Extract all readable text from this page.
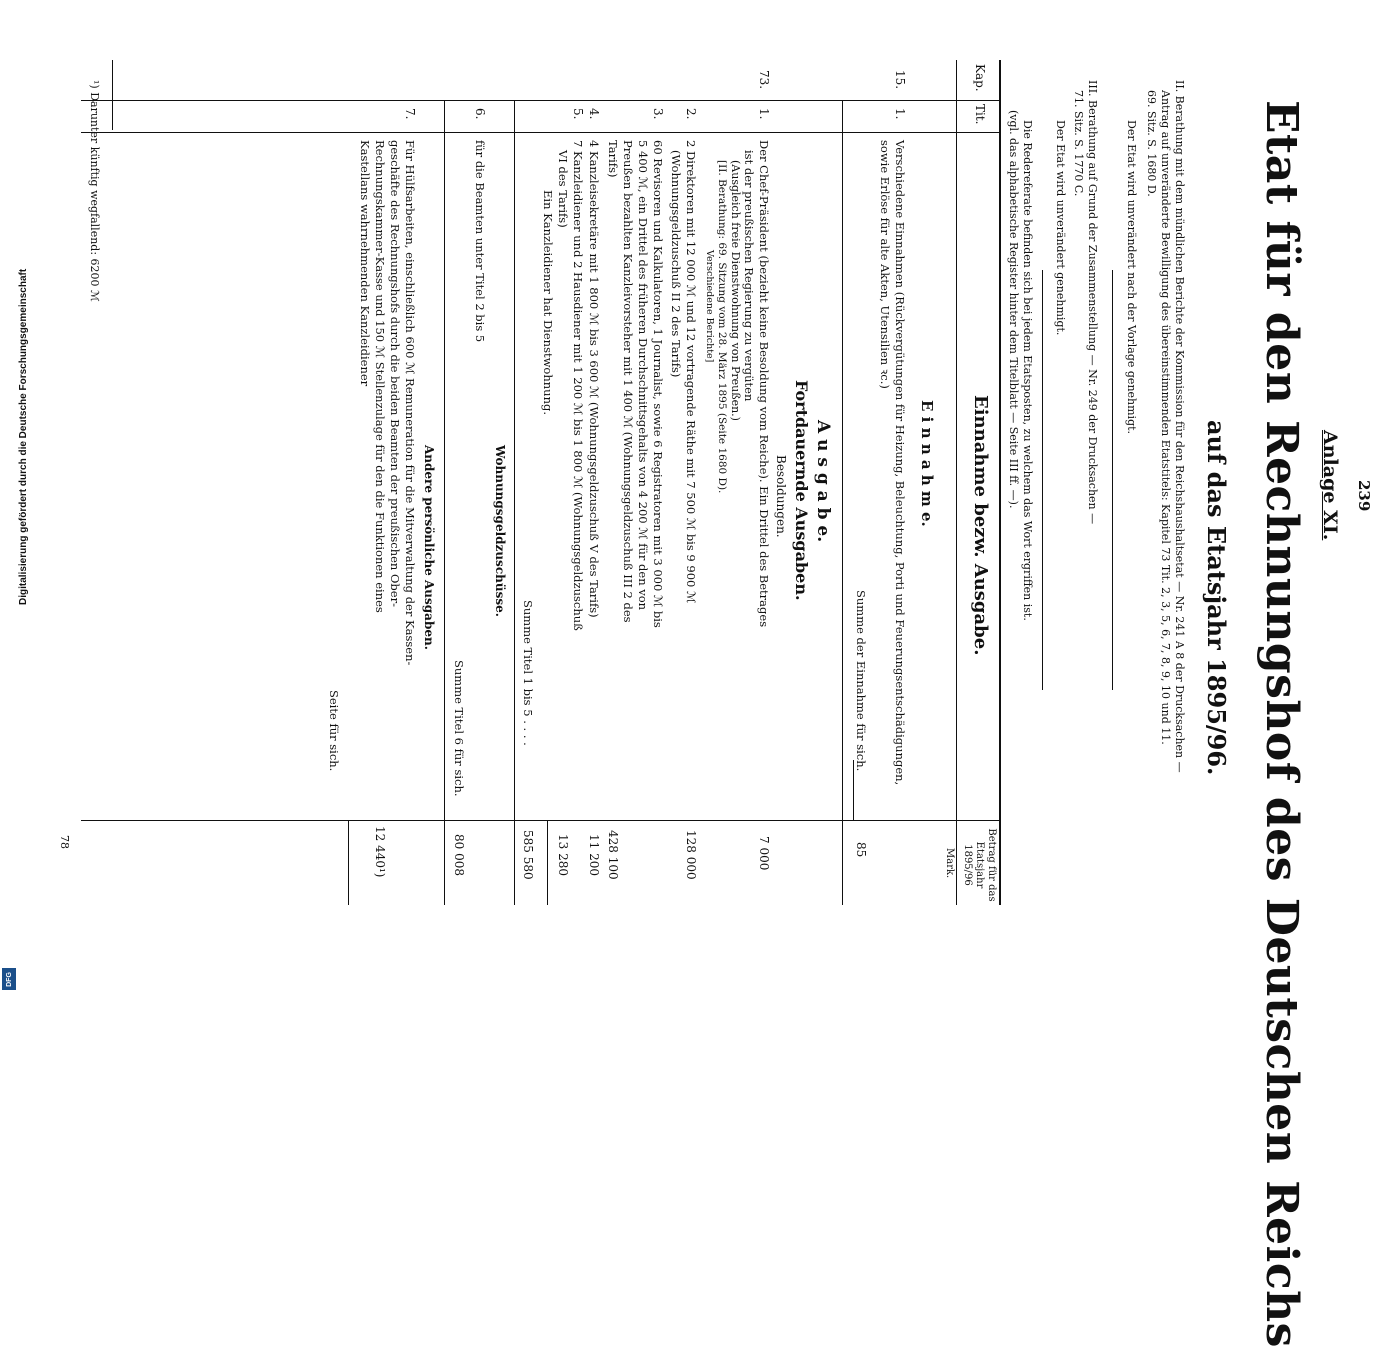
239
Anlage XI.
Etat für den Rechnungshof des Deutschen Reichs
auf das Etatsjahr 1895/96.
II. Berathung mit dem mündlichen Berichte der Kommission für den Reichshaushaltsetat — Nr. 241 A 8 der Drucksachen —
Antrag auf unveränderte Bewilligung des übereinstimmenden Etatstitels: Kapitel 73 Tit. 2, 3, 5, 6, 7, 8, 9, 10 und 11.
69. Sitz. S. 1680 D.
Der Etat wird unverändert nach der Vorlage genehmigt.
III. Berathung auf Grund der Zusammenstellung — Nr. 249 der Drucksachen —
71. Sitz. S. 1770 C.
Der Etat wird unverändert genehmigt.
Die Redereferate befinden sich bei jedem Etatsposten, zu welchem das Wort ergriffen ist.
(vgl. das alphabetische Register hinter dem Titelblatt — Seite III ff. —).
Kap.
Tit.
Einnahme bezw. Ausgabe.
Betrag für das Etatsjahr 1895/96
Mark.
E i n n a h m e.
15.
1.
Verschiedene Einnahmen (Rückvergütungen für Heizung, Beleuchtung, Porti und Feuerungsentschädigungen,
sowie Erlöse für alte Akten, Utensilien ꝛc.)
Summe der Einnahme für sich.
85
A u s g a b e.
Fortdauernde Ausgaben.
Besoldungen.
73.
1.
Der Chef-Präsident (bezieht keine Besoldung vom Reiche). Ein Drittel des Betrages
ist der preußischen Regierung zu vergüten
(Ausgleich freie Dienstwohnung von Preußen.)
[II. Berathung: 69. Sitzung vom 28. März 1895 (Seite 1680 D).
Verschiedene Berichte]
7 000
2.
2 Direktoren mit 12 000 ℳ und 12 vortragende Räthe mit 7 500 ℳ bis 9 900 ℳ
(Wohnungsgeldzuschuß II 2 des Tarifs)
128 000
3.
60 Revisoren und Kalkulatoren, 1 Journalist, sowie 6 Registratoren mit 3 000 ℳ bis
5 400 ℳ, ein Drittel des früheren Durchschnittsgehalts von 4 200 ℳ für den von
Preußen bezahlten Kanzleivorsteher mit 1 400 ℳ (Wohnungsgeldzuschuß III 2 des
Tarifs)
428 100
4.
4 Kanzleisekretäre mit 1 800 ℳ bis 3 600 ℳ (Wohnungsgeldzuschuß V des Tarifs)
11 200
5.
7 Kanzleidiener und 2 Hausdiener mit 1 200 ℳ bis 1 800 ℳ (Wohnungsgeldzuschuß
VI des Tarifs)
Ein Kanzleidiener hat Dienstwohnung.
13 280
Summe Titel 1 bis 5 . . . .
585 580
Wohnungsgeldzuschüsse.
6.
für die Beamten unter Titel 2 bis 5
Summe Titel 6 für sich.
80 008
Andere persönliche Ausgaben.
7.
Für Hülfsarbeiten, einschließlich 600 ℳ Remuneration für die Mitverwaltung der Kassen-
geschäfte des Rechnungshofs durch die beiden Beamten der preußischen Ober-
Rechnungskammer-Kasse und 150 ℳ Stellenzulage für den die Funktionen eines
Kastellans wahrnehmenden Kanzleidiener
12 440¹)
Seite für sich.
¹) Darunter künftig wegfallend: 6200 ℳ
78
Digitalisierung gefördert durch die Deutsche Forschungsgemeinschaft
DFG
